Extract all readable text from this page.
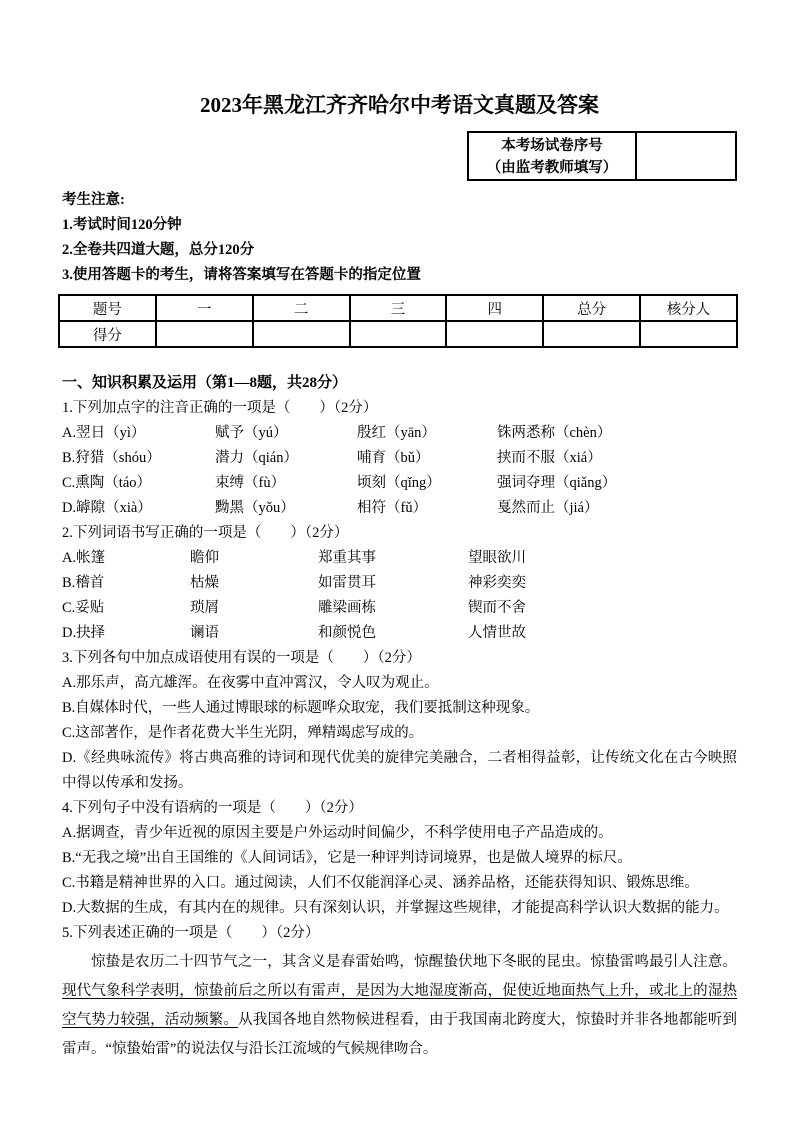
2023年黑龙江齐齐哈尔中考语文真题及答案
本考场试卷序号
（由监考教师填写）
考生注意:
1.考试时间120分钟
2.全卷共四道大题，总分120分
3.使用答题卡的考生，请将答案填写在答题卡的指定位置
题号	一	二	三	四	总分	核分人
得分						
一、知识积累及运用（第1—8题，共28分）
1.下列加点字的注音正确的一项是（　　）（2分）
A.翌日（yì）	赋予（yú）	殷红（yān）	铢两悉称（chèn）
B.狩猎（shóu）	潜力（qián）	哺育（bǔ）	挟而不服（xiá）
C.熏陶（táo）	束缚（fù）	顷刻（qǐng）	强词夺理（qiǎng）
D.罅隙（xià）	黝黑（yǒu）	相符（fǔ）	戛然而止（jiá）
2.下列词语书写正确的一项是（　　）（2分）
A.帐篷	瞻仰	郑重其事	望眼欲川
B.稽首	枯燥	如雷贯耳	神彩奕奕
C.妥贴	琐屑	雕梁画栋	锲而不舍
D.抉择	谰语	和颜悦色	人情世故
3.下列各句中加点成语使用有误的一项是（　　）（2分）
A.那乐声，高亢雄浑。在夜雾中直冲霄汉，令人叹为观止。
B.自媒体时代，一些人通过博眼球的标题哗众取宠，我们要抵制这种现象。
C.这部著作，是作者花费大半生光阴，殚精竭虑写成的。
D.《经典咏流传》将古典高雅的诗词和现代优美的旋律完美融合，二者相得益彰，让传统文化在古今映照中得以传承和发扬。
4.下列句子中没有语病的一项是（　　）（2分）
A.据调查，青少年近视的原因主要是户外运动时间偏少，不科学使用电子产品造成的。
B.“无我之境”出自王国维的《人间词话》，它是一种评判诗词境界，也是做人境界的标尺。
C.书籍是精神世界的入口。通过阅读，人们不仅能润泽心灵、涵养品格，还能获得知识、锻炼思维。
D.大数据的生成，有其内在的规律。只有深刻认识，并掌握这些规律，才能提高科学认识大数据的能力。
5.下列表述正确的一项是（　　）（2分）

惊蛰是农历二十四节气之一，其含义是春雷始鸣，惊醒蛰伏地下冬眠的昆虫。惊蛰雷鸣最引人注意。现代气象科学表明，惊蛰前后之所以有雷声，是因为大地湿度渐高，促使近地面热气上升，或北上的湿热空气势力较强，活动频繁。从我国各地自然物候进程看，由于我国南北跨度大，惊蛰时并非各地都能听到雷声。“惊蛰始雷”的说法仅与沿长江流域的气候规律吻合。
